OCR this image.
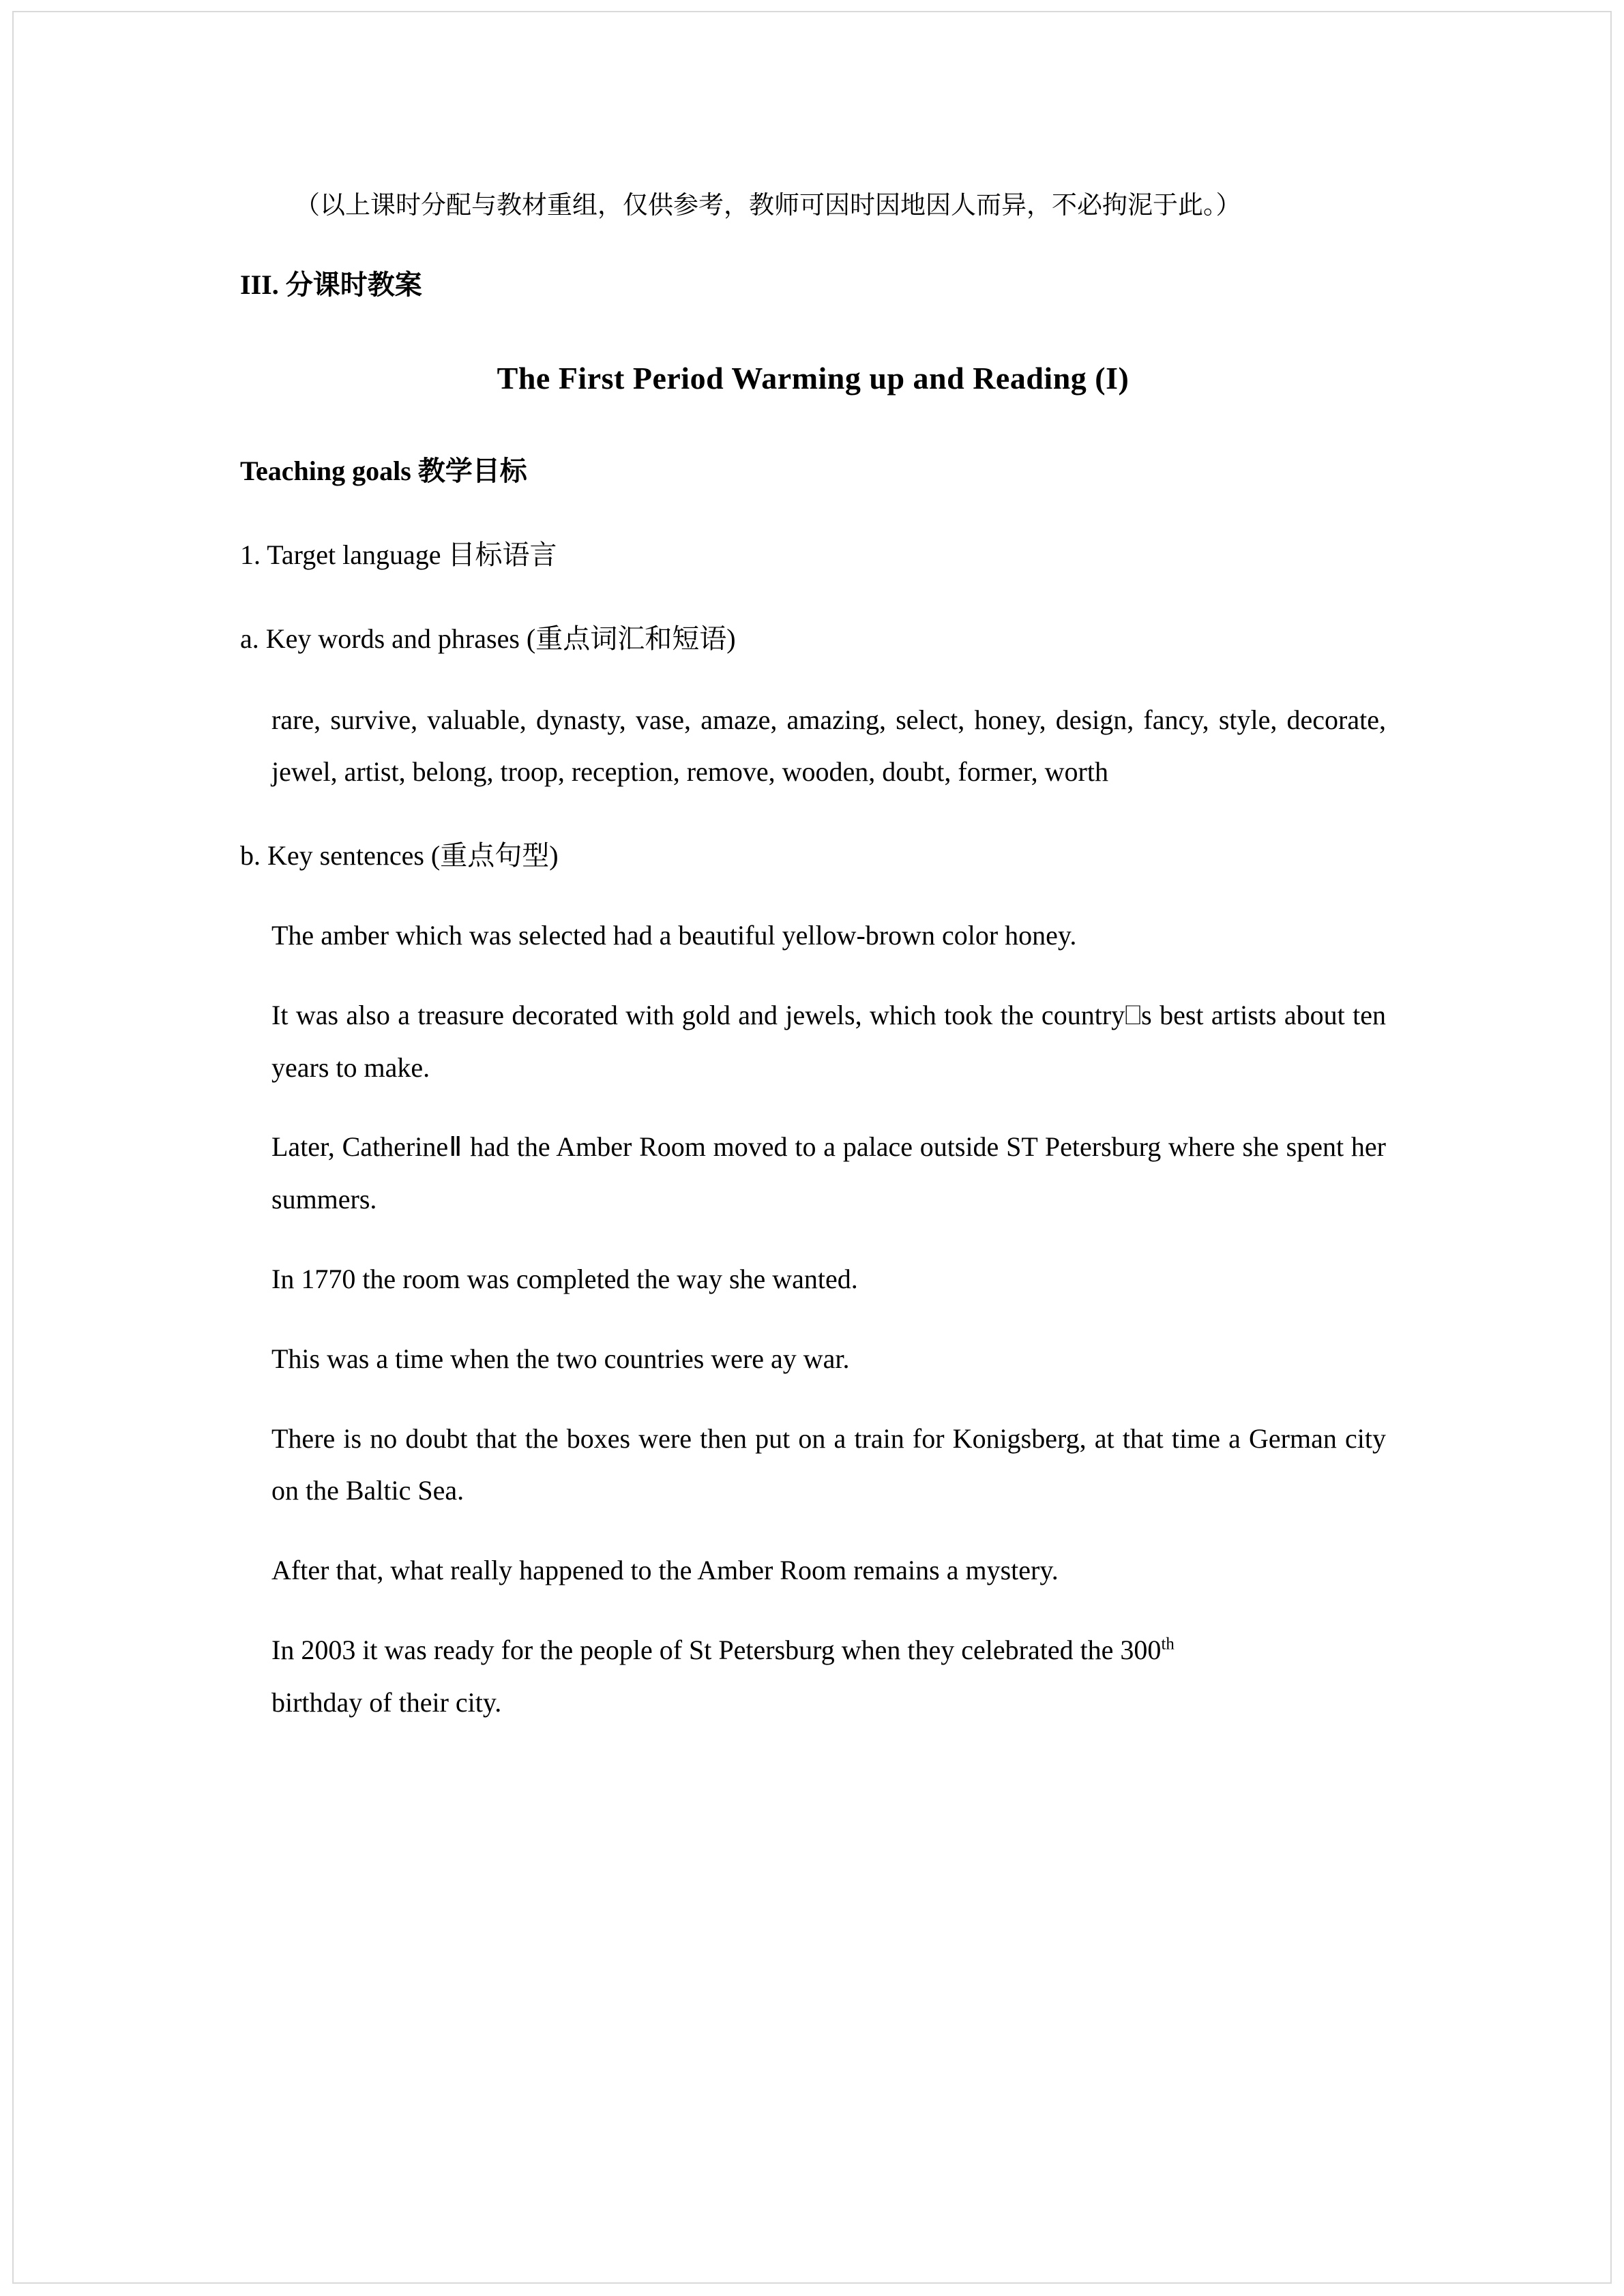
（以上课时分配与教材重组，仅供参考，教师可因时因地因人而异，不必拘泥于此。）

III. 分课时教案

The First Period Warming up and Reading (I)

Teaching goals 教学目标

1. Target language 目标语言

a. Key words and phrases (重点词汇和短语)

rare, survive, valuable, dynasty, vase, amaze, amazing, select, honey, design, fancy, style, decorate, jewel, artist, belong, troop, reception, remove, wooden, doubt, former, worth

b. Key sentences (重点句型)

The amber which was selected had a beautiful yellow-brown color honey.

It was also a treasure decorated with gold and jewels, which took the country⎕s best artists about ten years to make.

Later, CatherineⅡ had the Amber Room moved to a palace outside ST Petersburg where she spent her summers.

In 1770 the room was completed the way she wanted.

This was a time when the two countries were ay war.

There is no doubt that the boxes were then put on a train for Konigsberg, at that time a German city on the Baltic Sea.

After that, what really happened to the Amber Room remains a mystery.

In 2003 it was ready for the people of St Petersburg when they celebrated the 300th

birthday of their city.
